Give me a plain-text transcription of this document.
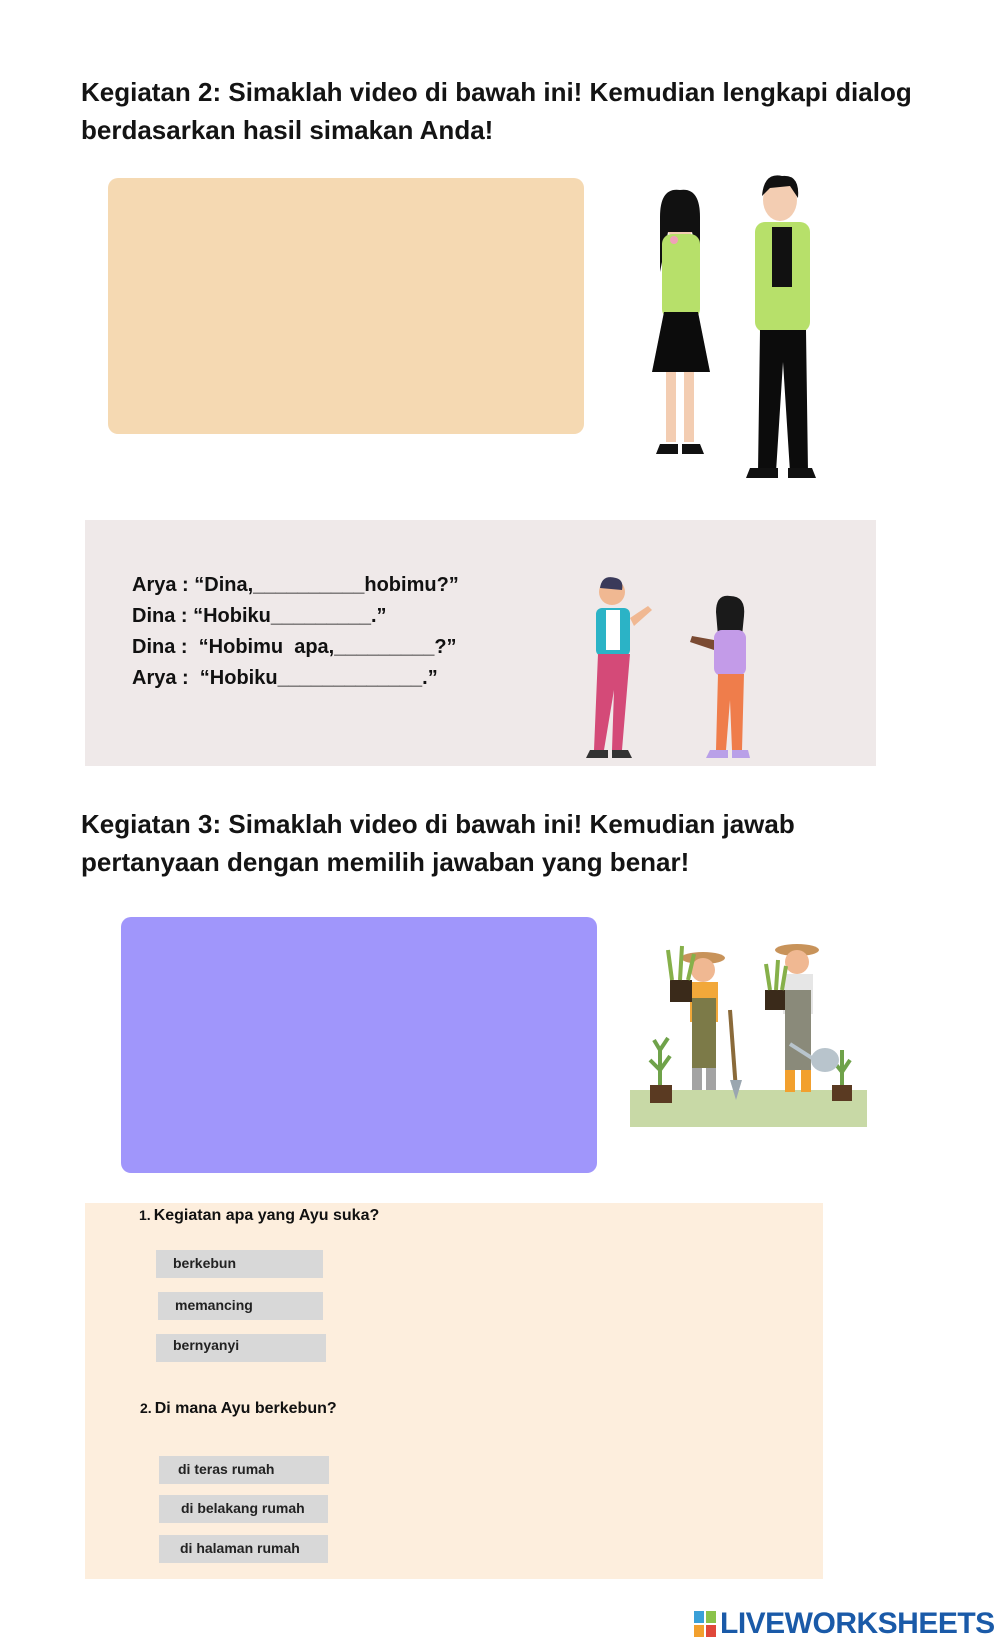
Kegiatan 2: Simaklah video di bawah ini! Kemudian lengkapi dialog
berdasarkan hasil simakan Anda!
Arya : “Dina,__________hobimu?”
Dina : “Hobiku_________.”
Dina :  “Hobimu  apa,_________?”
Arya :  “Hobiku_____________.”
Kegiatan 3: Simaklah video di bawah ini! Kemudian jawab
pertanyaan dengan memilih jawaban yang benar!
1. Kegiatan apa yang Ayu suka?
berkebun
memancing
bernyanyi
2. Di mana Ayu berkebun?
di teras rumah
di belakang rumah
di halaman rumah
LIVEWORKSHEETS
